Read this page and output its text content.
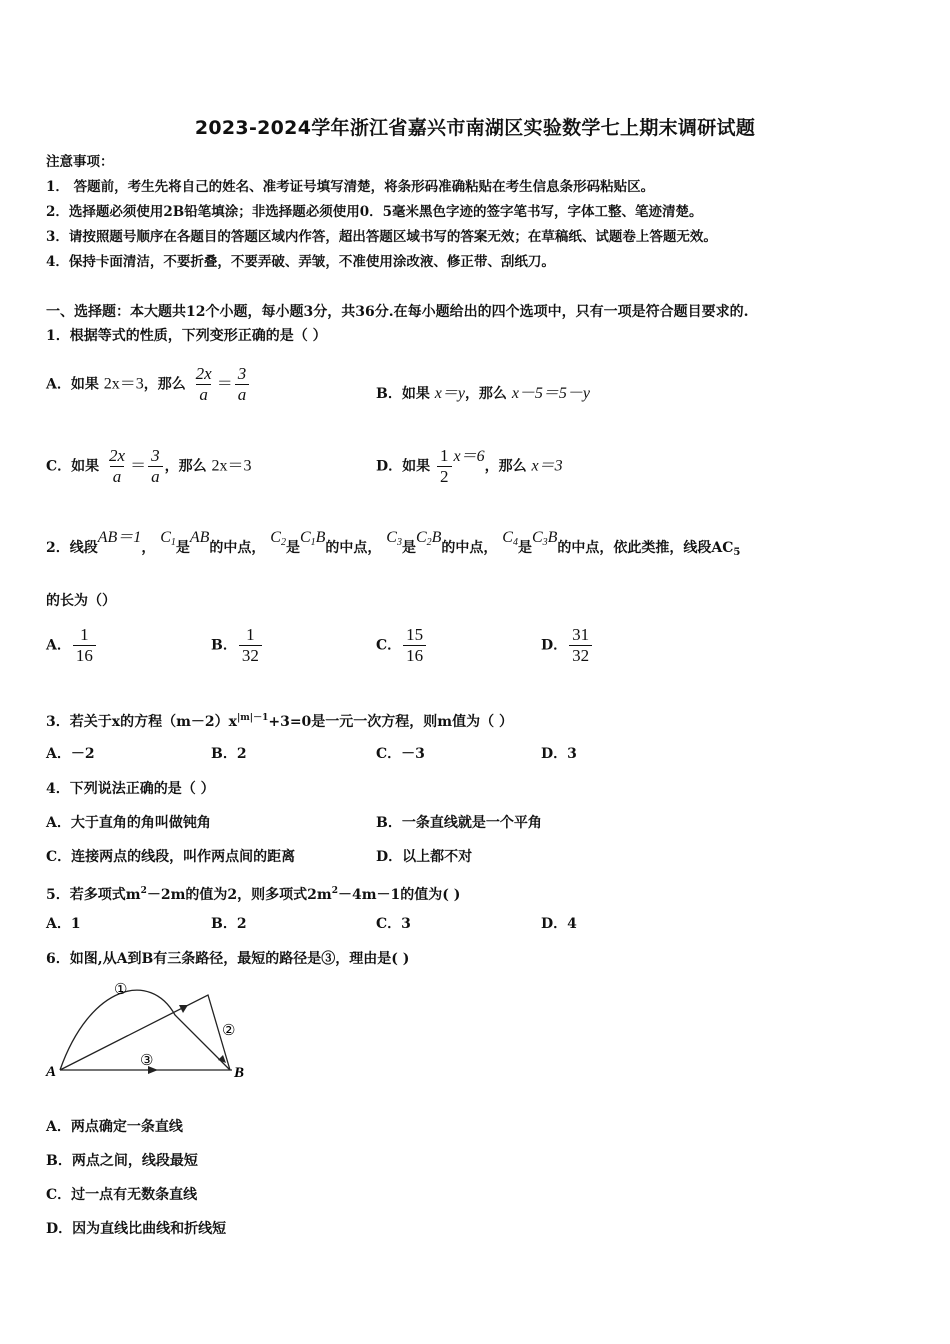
2023-2024学年浙江省嘉兴市南湖区实验数学七上期末调研试题
注意事项：
1． 答题前，考生先将自己的姓名、准考证号填写清楚，将条形码准确粘贴在考生信息条形码粘贴区。
2．选择题必须使用2B铅笔填涂；非选择题必须使用0．5毫米黑色字迹的签字笔书写，字体工整、笔迹清楚。
3．请按照题号顺序在各题目的答题区域内作答，超出答题区域书写的答案无效；在草稿纸、试题卷上答题无效。
4．保持卡面清洁，不要折叠，不要弄破、弄皱，不准使用涂改液、修正带、刮纸刀。
一、选择题：本大题共12个小题，每小题3分，共36分.在每小题给出的四个选项中，只有一项是符合题目要求的.
1．根据等式的性质，下列变形正确的是（ ）
A．如果 2x＝3，那么 $\frac{2x}{a} = \frac{3}{a}$	B．如果 x＝y，那么 x－5＝5－y
C．如果 $\frac{2x}{a} = \frac{3}{a}$ ，那么 2x＝3	D．如果 $\frac{1}{2} x=6$，那么 x＝3
2．线段AB＝1， $C_1$是AB的中点， $C_2$是$C_1B$的中点， $C_3$是$C_2B$的中点， $C_4$是$C_3B$的中点，依此类推，线段$AC_5$
的长为（）
A． $\frac{1}{16}$	B． $\frac{1}{32}$	C． $\frac{15}{16}$	D． $\frac{31}{32}$
3．若关于x的方程$(m-2)x^{|m|-1}+3=0$是一元一次方程，则m值为（ ）
A．－2	B．2	C．－3	D．3
4．下列说法正确的是（ ）
A．大于直角的角叫做钝角	B．一条直线就是一个平角
C．连接两点的线段，叫作两点间的距离	D．以上都不对
5．若多项式$m^2-2m$的值为2，则多项式$2m^2-4m-1$的值为( )
A．1	B．2	C．3	D．4
6．如图,从A到B有三条路径，最短的路径是③，理由是( )
A	B
①
②
③
A．两点确定一条直线
B．两点之间，线段最短
C．过一点有无数条直线
D．因为直线比曲线和折线短
